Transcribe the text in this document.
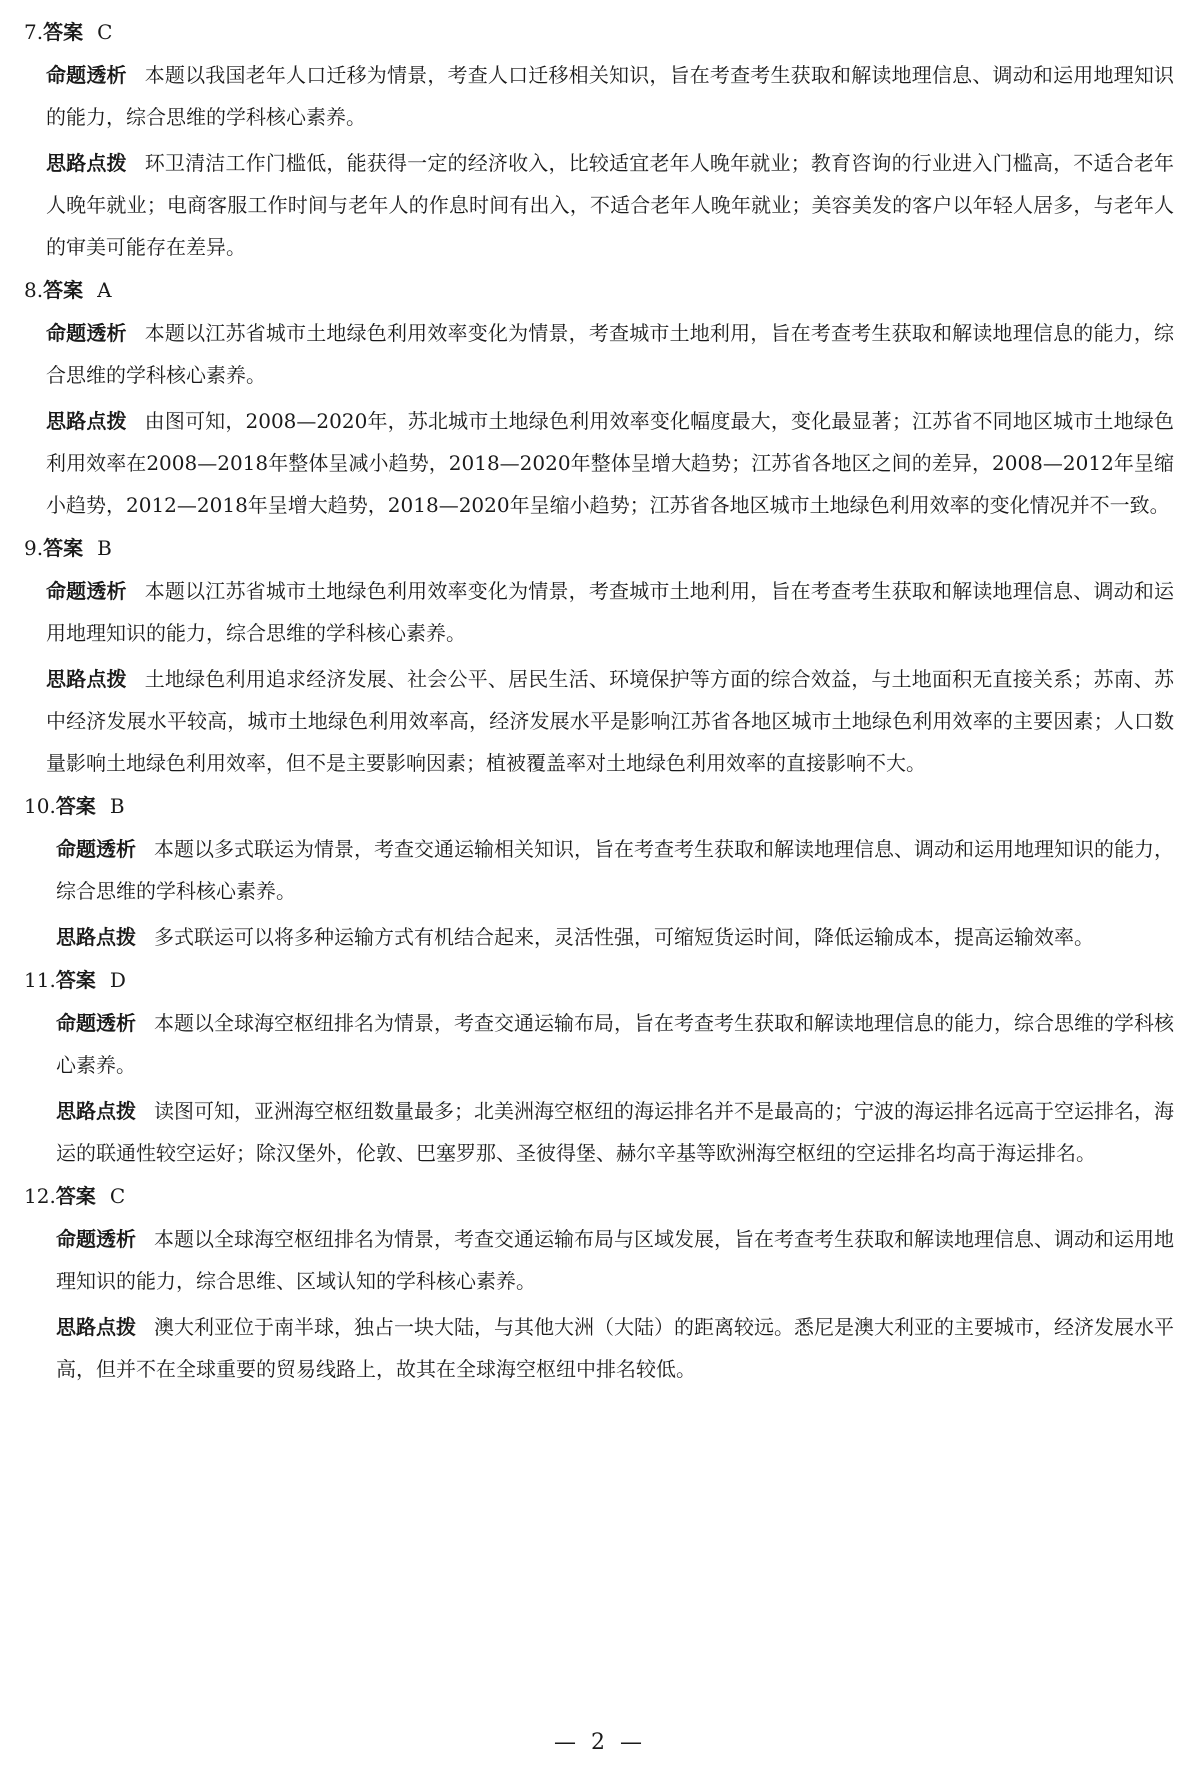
7.答案 C

命题透析 本题以我国老年人口迁移为情景，考查人口迁移相关知识，旨在考查考生获取和解读地理信息、调动和运用地理知识的能力，综合思维的学科核心素养。

思路点拨 环卫清洁工作门槛低，能获得一定的经济收入，比较适宜老年人晚年就业；教育咨询的行业进入门槛高，不适合老年人晚年就业；电商客服工作时间与老年人的作息时间有出入，不适合老年人晚年就业；美容美发的客户以年轻人居多，与老年人的审美可能存在差异。

8.答案 A

命题透析 本题以江苏省城市土地绿色利用效率变化为情景，考查城市土地利用，旨在考查考生获取和解读地理信息的能力，综合思维的学科核心素养。

思路点拨 由图可知，2008—2020年，苏北城市土地绿色利用效率变化幅度最大，变化最显著；江苏省不同地区城市土地绿色利用效率在2008—2018年整体呈减小趋势，2018—2020年整体呈增大趋势；江苏省各地区之间的差异，2008—2012年呈缩小趋势，2012—2018年呈增大趋势，2018—2020年呈缩小趋势；江苏省各地区城市土地绿色利用效率的变化情况并不一致。

9.答案 B

命题透析 本题以江苏省城市土地绿色利用效率变化为情景，考查城市土地利用，旨在考查考生获取和解读地理信息、调动和运用地理知识的能力，综合思维的学科核心素养。

思路点拨 土地绿色利用追求经济发展、社会公平、居民生活、环境保护等方面的综合效益，与土地面积无直接关系；苏南、苏中经济发展水平较高，城市土地绿色利用效率高，经济发展水平是影响江苏省各地区城市土地绿色利用效率的主要因素；人口数量影响土地绿色利用效率，但不是主要影响因素；植被覆盖率对土地绿色利用效率的直接影响不大。

10.答案 B

命题透析 本题以多式联运为情景，考查交通运输相关知识，旨在考查考生获取和解读地理信息、调动和运用地理知识的能力，综合思维的学科核心素养。

思路点拨 多式联运可以将多种运输方式有机结合起来，灵活性强，可缩短货运时间，降低运输成本，提高运输效率。

11.答案 D

命题透析 本题以全球海空枢纽排名为情景，考查交通运输布局，旨在考查考生获取和解读地理信息的能力，综合思维的学科核心素养。

思路点拨 读图可知，亚洲海空枢纽数量最多；北美洲海空枢纽的海运排名并不是最高的；宁波的海运排名远高于空运排名，海运的联通性较空运好；除汉堡外，伦敦、巴塞罗那、圣彼得堡、赫尔辛基等欧洲海空枢纽的空运排名均高于海运排名。

12.答案 C

命题透析 本题以全球海空枢纽排名为情景，考查交通运输布局与区域发展，旨在考查考生获取和解读地理信息、调动和运用地理知识的能力，综合思维、区域认知的学科核心素养。

思路点拨 澳大利亚位于南半球，独占一块大陆，与其他大洲（大陆）的距离较远。悉尼是澳大利亚的主要城市，经济发展水平高，但并不在全球重要的贸易线路上，故其在全球海空枢纽中排名较低。

— 2 —
